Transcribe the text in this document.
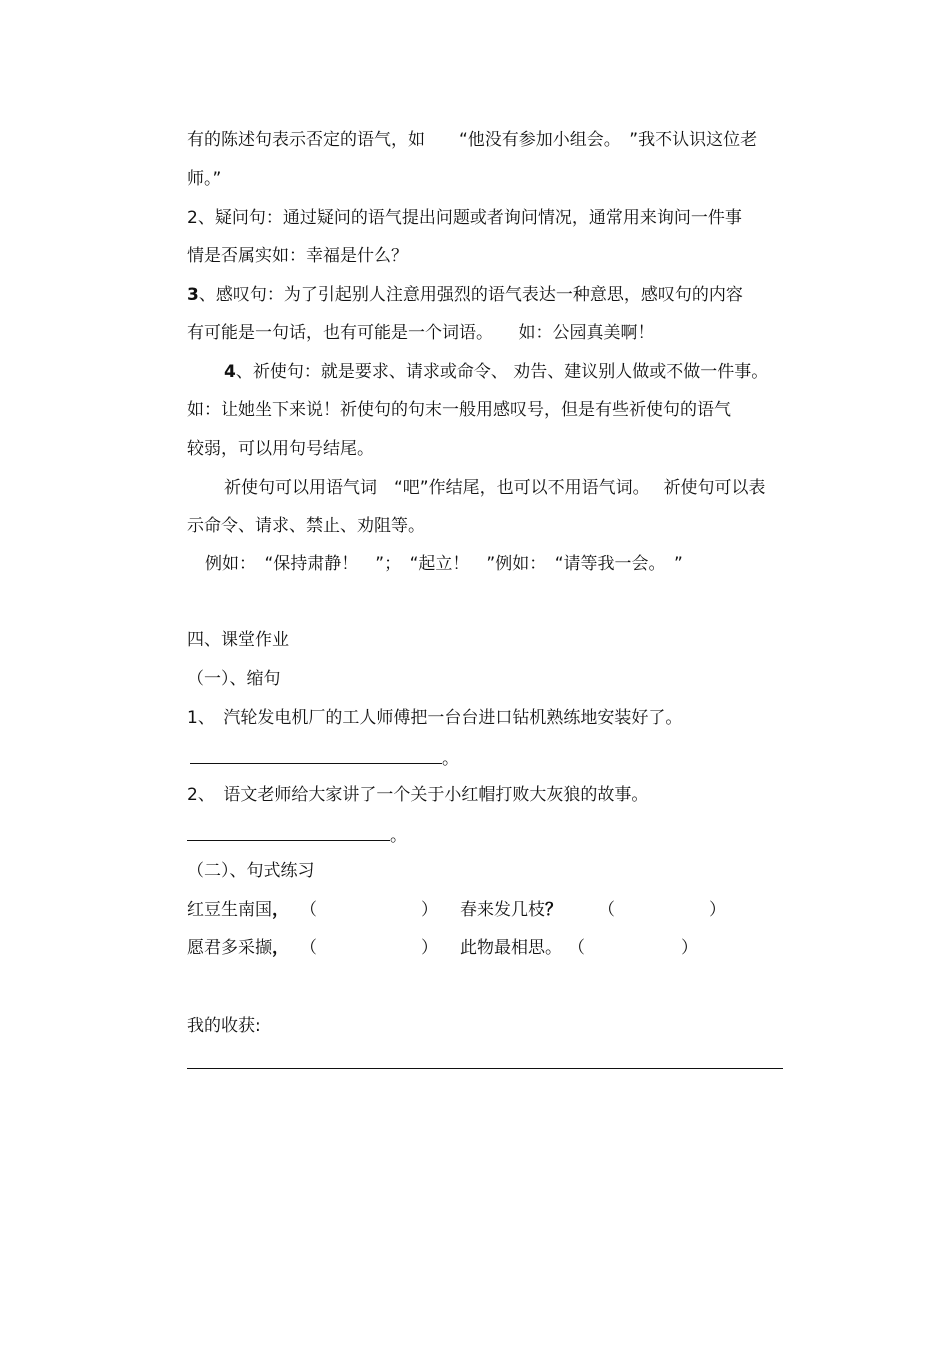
有的陈述句表示否定的语气，如　　“他没有参加小组会。　”我不认识这位老
师。”
2、疑问句：通过疑问的语气提出问题或者询问情况，通常用来询问一件事
情是否属实如：幸福是什么？
3、感叹句：为了引起别人注意用强烈的语气表达一种意思，感叹句的内容
有可能是一句话，也有可能是一个词语。　　如：公园真美啊！
4、祈使句：就是要求、请求或命令、 劝告、建议别人做或不做一件事。
如：让她坐下来说！祈使句的句末一般用感叹号，但是有些祈使句的语气
较弱，可以用句号结尾。
祈使句可以用语气词　“吧”作结尾，也可以不用语气词。　 祈使句可以表
示命令、请求、禁止、劝阻等。
例如：　“保持肃静！　”；　“起立！　”例如：　“请等我一会。　”
四、课堂作业
（一）、缩句
1、　汽轮发电机厂的工人师傅把一台台进口钻机熟练地安装好了。
。
2、　语文老师给大家讲了一个关于小红帽打败大灰狼的故事。
。
（二）、句式练习
红豆生南国， （	） 春来发几枝？ （	）
愿君多采撷， （	） 此物最相思。 （	）
我的收获:
